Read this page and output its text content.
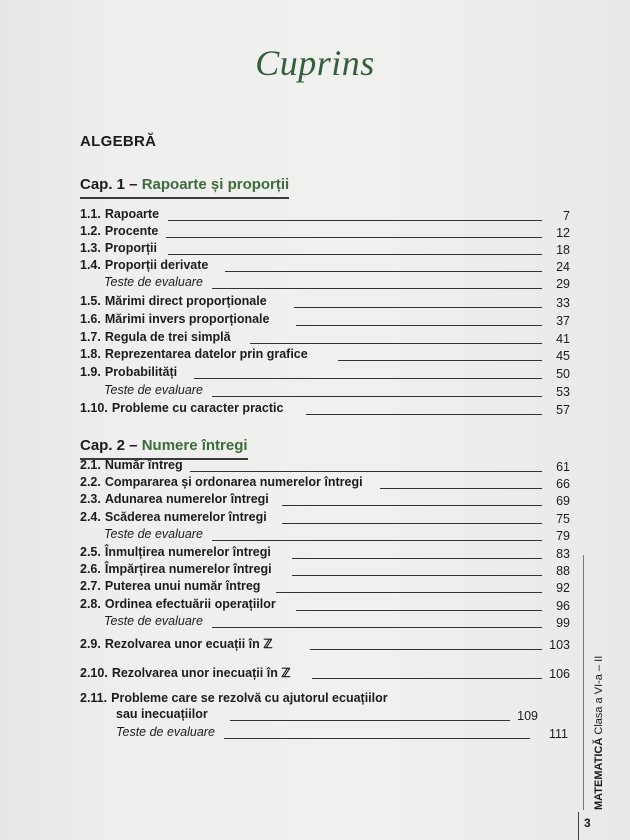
Cuprins
ALGEBRĂ
Cap. 1 – Rapoarte și proporții
1.1. Rapoarte	7
1.2. Procente	12
1.3. Proporții	18
1.4. Proporții derivate	24
Teste de evaluare	29
1.5. Mărimi direct proporționale	33
1.6. Mărimi invers proporționale	37
1.7. Regula de trei simplă	41
1.8. Reprezentarea datelor prin grafice	45
1.9. Probabilități	50
Teste de evaluare	53
1.10. Probleme cu caracter practic	57
Cap. 2 – Numere întregi
2.1. Număr întreg	61
2.2. Compararea și ordonarea numerelor întregi	66
2.3. Adunarea numerelor întregi	69
2.4. Scăderea numerelor întregi	75
Teste de evaluare	79
2.5. Înmulțirea numerelor întregi	83
2.6. Împărțirea numerelor întregi	88
2.7. Puterea unui număr întreg	92
2.8. Ordinea efectuării operațiilor	96
Teste de evaluare	99
2.9. Rezolvarea unor ecuații în ℤ	103
2.10. Rezolvarea unor inecuații în ℤ	106
2.11. Probleme care se rezolvă cu ajutorul ecuațiilor
sau inecuațiilor	109
Teste de evaluare	111
MATEMATICĂ Clasa a VI-a – II
3
